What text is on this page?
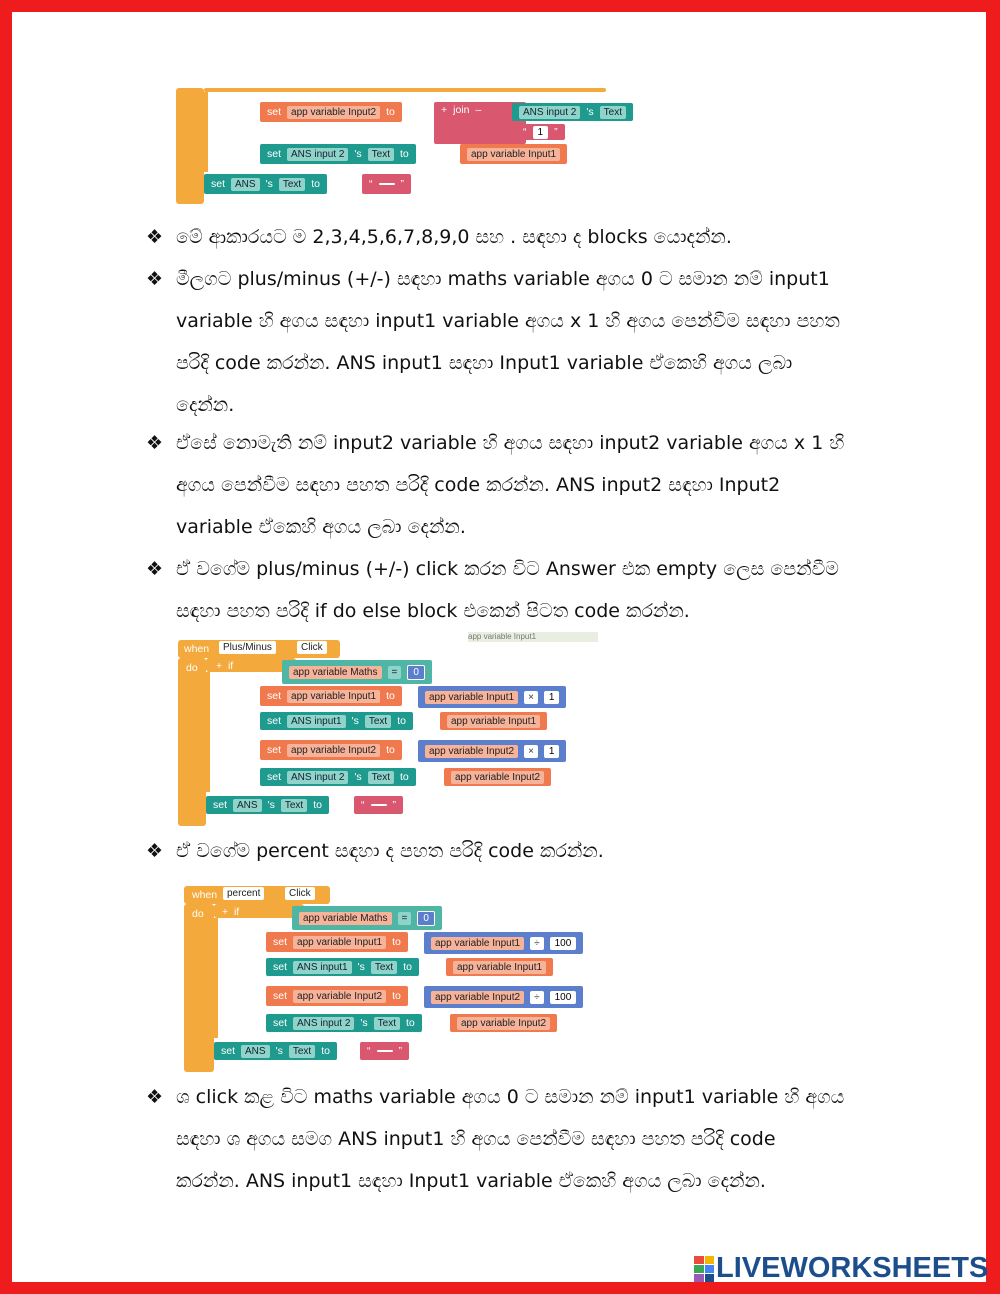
else – set	app variable Input2 to	+ join –	ANS input 2 's	Text
“	1	”
set	ANS input 2 's	Text to	app variable Input1
set	ANS 's	Text to	“	”
❖ මේ ආකාරයට ම 2,3,4,5,6,7,8,9,0 සහ . සඳහා ද blocks යොදන්න.
❖ මීලගට plus/minus (+/-) සඳහා maths variable අගය 0 ට සමාන නම් input1
variable හි අගය සඳහා input1 variable අගය x 1 හි අගය පෙන්වීම සඳහා පහත
පරිදි code කරන්න. ANS input1 සඳහා Input1 variable ඒකෙහි අගය ලබා
දෙන්න.
❖ ඒසේ නොමැති නම් input2 variable හි අගය සඳහා input2 variable අගය x 1 හි
අගය පෙන්වීම සඳහා පහත පරිදි code කරන්න. ANS input2 සඳහා Input2
variable ඒකෙහි අගය ලබා දෙන්න.
❖ ඒ වගේම plus/minus (+/-) click කරන විට Answer එක empty ලෙස පෙන්වීම
සඳහා පහත පරිදි if do else block එකෙන් පිටත code කරන්න.
app variable Input1
when	Plus/Minus	Click
do +  if	app variable Maths	=	0
do	set	app variable Input1 to	app variable Input1	×	1
set	ANS input1 's	Text to	app variable Input1
else  – set	app variable Input2 to	app variable Input2	×	1
set	ANS input 2 's	Text to	app variable Input2
set	ANS 's	Text to	“	”
❖ ඒ වගේම percent සඳහා ද පහත පරිදි code කරන්න.
when percent	Click
do +  if	app variable Maths	=	0
do	set	app variable Input1 to	app variable Input1	÷	100
set	ANS input1 's	Text to	app variable Input1
else  – set	app variable Input2 to	app variable Input2	÷	100
set	ANS input 2 's	Text to	app variable Input2
set	ANS 's	Text to	“	”
❖ ශ click කළ විට maths variable අගය 0 ට සමාන නම් input1 variable හි අගය
සඳහා ශ අගය සමග ANS input1 හි අගය පෙන්වීම සඳහා පහත පරිදි code
කරන්න. ANS input1 සඳහා Input1 variable ඒකෙහි අගය ලබා දෙන්න.
LIVEWORKSHEETS
